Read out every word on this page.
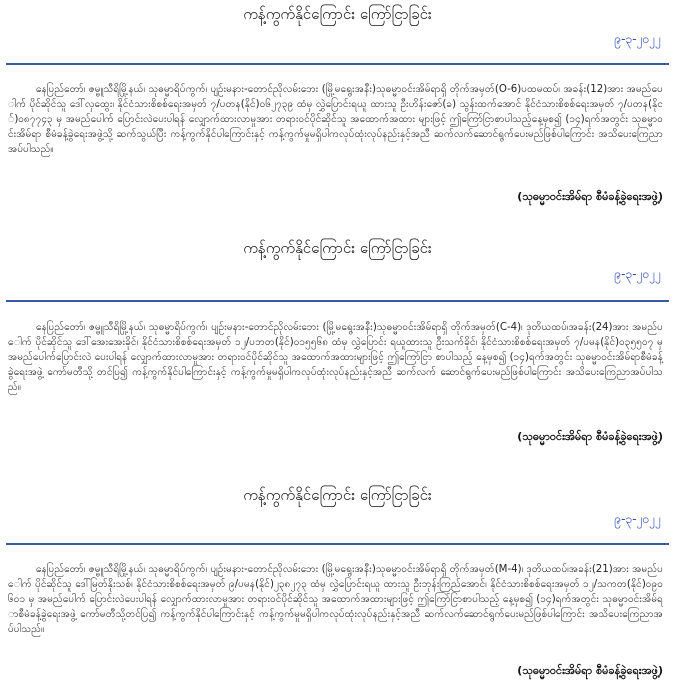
ကန့်ကွက်နိုင်ကြောင်း ကြော်ငြာခြင်း
၉-၃-၂၀၂၂
နေပြည်တော်၊ ဇမ္ဗူသီရိမြို့နယ်၊ သုဓမ္မာရိပ်ကွက်၊ ပျဉ်းမနား-တောင်ညိုလမ်းဘေး (မြို့မရွေးအနီး)သုဓမ္မာဝင်းအိမ်ရာရှိ တိုက်အမှတ်(O-6)ပထမထပ်၊ အခန်း(12)အား အမည်ပေါက် ပိုင်ဆိုင်သူ ဒေါ်လှထွေး၊ နိုင်ငံသားစိစစ်ရေးအမှတ် ၇/ပတန(နိုင်)၀၆၂၇၃၉ ထံမှ လွှဲပြောင်းရယူ ထားသူ ဦးဟိန်းဇော်(ခ) သွန်းထက်အောင် နိုင်ငံသားစိစစ်ရေးအမှတ် ၇/ပတန(နိုင်)၀၈၇၇၄၃ မှ အမည်ပေါက် ပြောင်းလဲပေးပါရန် လျှောက်ထားလာမှုအား တရားဝင်ပိုင်ဆိုင်သူ အထောက်အထား များဖြင့် ဤကြော်ငြာစာပါသည့်နေ့မှစ၍ (၁၄)ရက်အတွင်း သုဓမ္မာဝင်းအိမ်ရာ စီမံခန့်ခွဲရေးအဖွဲ့သို့ ဆက်သွယ်ပြီး ကန့်ကွက်နိုင်ပါကြောင်းနှင့် ကန့်ကွက်မှုမရှိပါကလုပ်ထုံးလုပ်နည်းနှင့်အညီ ဆက်လက်ဆောင်ရွက်ပေးမည်ဖြစ်ပါကြောင်း အသိပေးကြေညာအပ်ပါသည်။
(သုဓမ္မာဝင်းအိမ်ရာ စီမံခန့်ခွဲရေးအဖွဲ့)
ကန့်ကွက်နိုင်ကြောင်း ကြော်ငြာခြင်း
၉-၃-၂၀၂၂
နေပြည်တော်၊ ဇမ္ဗူသီရိမြို့နယ်၊ သုဓမ္မာရိပ်ကွက်၊ ပျဉ်းမနား-တောင်ညိုလမ်းဘေး (မြို့မရွေးအနီး)သုဓမ္မာဝင်းအိမ်ရာရှိ တိုက်အမှတ်(C-4)၊ ဒုတိယထပ်၊အခန်း(24)အား အမည်ပေါက် ပိုင်ဆိုင်သူ ဒေါ်အေးအေးခိုင်၊ နိုင်ငံသားစိစစ်ရေးအမှတ် ၁၂/ပဘတ(နိုင်)၀၁၅၅၆၈ ထံမှ လွှဲပြောင်း ရယူထားသူ ဦးသက်ခိုင်၊ နိုင်ငံသားစိစစ်ရေးအမှတ် ၇/ပမန(နိုင်)၀၃၅၅၀၇ မှ အမည်ပေါက်ပြောင်းလဲ ပေးပါရန် လျှောက်ထားလာမှုအား တရားဝင်ပိုင်ဆိုင်သူ အထောက်အထားများဖြင့် ဤကြော်ငြာ စာပါသည့် နေ့မှစ၍ (၁၄)ရက်အတွင်း သုဓမ္မာဝင်းအိမ်ရာစီမံခန့်ခွဲရေးအဖွဲ့ ကော်မတီသို့ တင်ပြ၍ ကန့်ကွက်နိုင်ပါကြောင်းနှင့် ကန့်ကွက်မှုမရှိပါကလုပ်ထုံးလုပ်နည်းနှင့်အညီ ဆက်လက် ဆောင်ရွက်ပေးမည်ဖြစ်ပါကြောင်း အသိပေးကြေညာအပ်ပါသည်။
(သုဓမ္မာဝင်းအိမ်ရာ စီမံခန့်ခွဲရေးအဖွဲ့)
ကန့်ကွက်နိုင်ကြောင်း ကြော်ငြာခြင်း
၉-၃-၂၀၂၂
နေပြည်တော်၊ ဇမ္ဗူသီရိမြို့နယ်၊ သုဓမ္မာရိပ်ကွက်၊ ပျဉ်းမနား-တောင်ညိုလမ်းဘေး (မြို့မရွေးအနီး)သုဓမ္မာဝင်းအိမ်ရာရှိ တိုက်အမှတ်(M-4)၊ ဒုတိယထပ်၊အခန်း(21)အား အမည်ပေါက် ပိုင်ဆိုင်သူ ဒေါ်မြတ်နိုးသစ်၊ နိုင်ငံသားစိစစ်ရေးအမှတ် ၉/ပမန(နိုင်)၂၃၈၂၇၃ ထံမှ လွှဲပြောင်းရယူ ထားသူ ဦးဘုန်းကြည်အောင်၊ နိုင်ငံသားစိစစ်ရေးအမှတ် ၁၂/သကတ(နိုင်)၀၉၀၆၀၁ မှ အမည်ပေါက် ပြောင်းလဲပေးပါရန် လျှောက်ထားလာမှုအား တရားဝင်ပိုင်ဆိုင်သူ အထောက်အထားများဖြင့် ဤကြော်ငြာစာပါသည့် နေ့မှစ၍ (၁၄)ရက်အတွင်း သုဓမ္မာဝင်းအိမ်ရာစီမံခန့်ခွဲရေးအဖွဲ့ ကော်မတီသို့တင်ပြ၍ ကန့်ကွက်နိုင်ပါကြောင်းနှင့် ကန့်ကွက်မှုမရှိပါကလုပ်ထုံးလုပ်နည်းနှင့်အညီ ဆက်လက်ဆောင်ရွက်ပေးမည်ဖြစ်ပါကြောင်း အသိပေးကြေညာအပ်ပါသည်။
(သုဓမ္မာဝင်းအိမ်ရာ စီမံခန့်ခွဲရေးအဖွဲ့)
